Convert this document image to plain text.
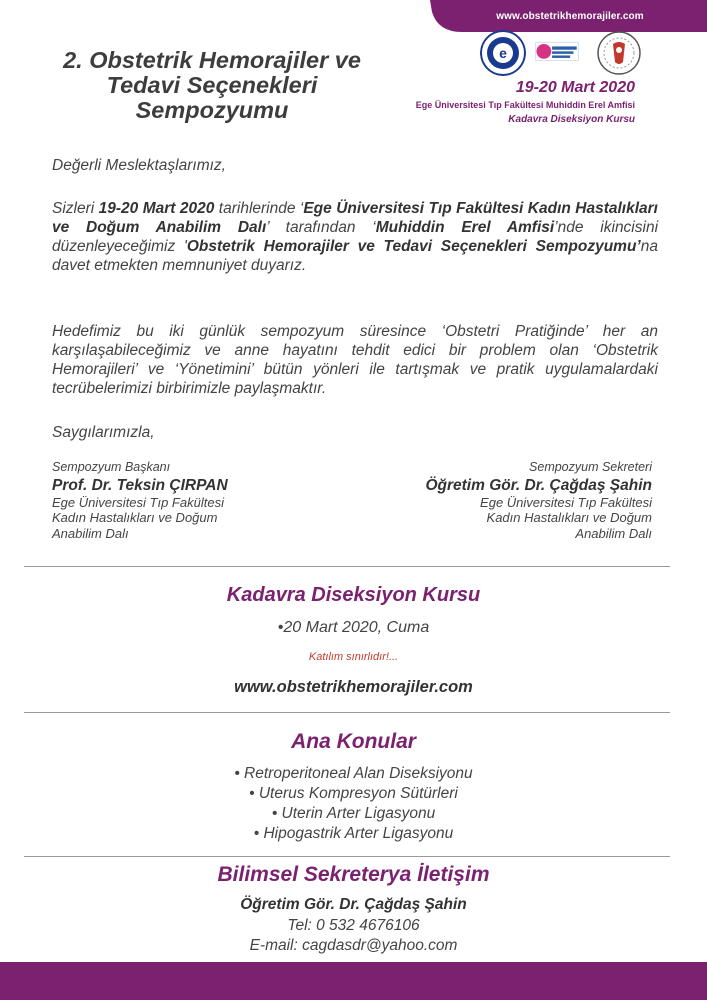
www.obstetrikhemorajiler.com
e
2. Obstetrik Hemorajiler ve
Tedavi Seçenekleri
Sempozyumu
19-20 Mart 2020
Ege Üniversitesi Tıp Fakültesi Muhiddin Erel Amfisi
Kadavra Diseksiyon Kursu
Değerli Meslektaşlarımız,
Sizleri 19-20 Mart 2020 tarihlerinde ‘Ege Üniversitesi Tıp Fakültesi Kadın Hastalıkları ve Doğum Anabilim Dalı’ tarafından ‘Muhiddin Erel Amfisi’nde ikincisini düzenleyeceğimiz 'Obstetrik Hemorajiler ve Tedavi Seçenekleri Sempozyumu’na davet etmekten memnuniyet duyarız.
Hedefimiz bu iki günlük sempozyum süresince ‘Obstetri Pratiğinde’ her an karşılaşabileceğimiz ve anne hayatını tehdit edici bir problem olan ‘Obstetrik Hemorajileri’ ve ‘Yönetimini’ bütün yönleri ile tartışmak ve pratik uygulamalardaki tecrübelerimizi birbirimizle paylaşmaktır.
Saygılarımızla,
Sempozyum Başkanı
Prof. Dr. Teksin ÇIRPAN
Ege Üniversitesi Tıp Fakültesi
Kadın Hastalıkları ve Doğum
Anabilim Dalı
Sempozyum Sekreteri
Öğretim Gör. Dr. Çağdaş Şahin
Ege Üniversitesi Tıp Fakültesi
Kadın Hastalıkları ve Doğum
Anabilim Dalı
Kadavra Diseksiyon Kursu
•20 Mart 2020, Cuma
Katılım sınırlıdır!...
www.obstetrikhemorajiler.com
Ana Konular
• Retroperitoneal Alan Diseksiyonu
• Uterus Kompresyon Sütürleri
• Uterin Arter Ligasyonu
• Hipogastrik Arter Ligasyonu
Bilimsel Sekreterya İletişim
Öğretim Gör. Dr. Çağdaş Şahin
Tel: 0 532 4676106
E-mail: cagdasdr@yahoo.com
